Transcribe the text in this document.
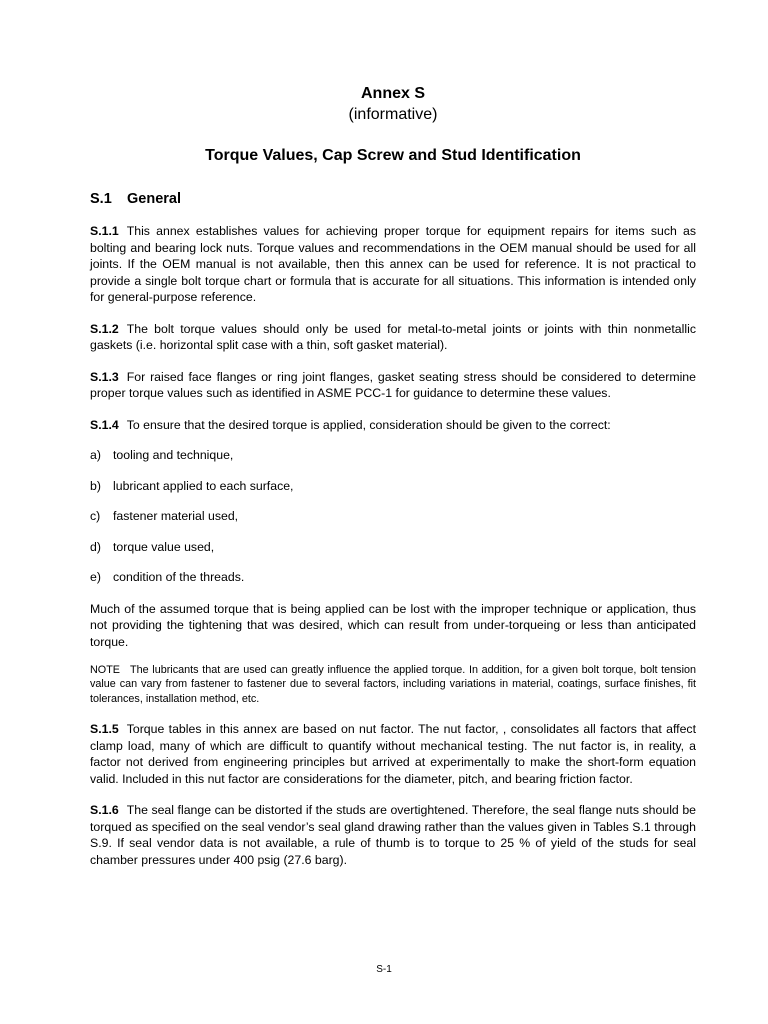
Annex S
(informative)
Torque Values, Cap Screw and Stud Identification
S.1 General

S.1.1 This annex establishes values for achieving proper torque for equipment repairs for items such as bolting and bearing lock nuts. Torque values and recommendations in the OEM manual should be used for all joints. If the OEM manual is not available, then this annex can be used for reference. It is not practical to provide a single bolt torque chart or formula that is accurate for all situations. This information is intended only for general-purpose reference.

S.1.2 The bolt torque values should only be used for metal-to-metal joints or joints with thin nonmetallic gaskets (i.e. horizontal split case with a thin, soft gasket material).

S.1.3 For raised face flanges or ring joint flanges, gasket seating stress should be considered to determine proper torque values such as identified in ASME PCC-1 for guidance to determine these values.

S.1.4 To ensure that the desired torque is applied, consideration should be given to the correct:

a) tooling and technique,
b) lubricant applied to each surface,
c) fastener material used,
d) torque value used,
e) condition of the threads.

Much of the assumed torque that is being applied can be lost with the improper technique or application, thus not providing the tightening that was desired, which can result from under-torqueing or less than anticipated torque.

NOTE The lubricants that are used can greatly influence the applied torque. In addition, for a given bolt torque, bolt tension value can vary from fastener to fastener due to several factors, including variations in material, coatings, surface finishes, fit tolerances, installation method, etc.

S.1.5 Torque tables in this annex are based on nut factor. The nut factor, , consolidates all factors that affect clamp load, many of which are difficult to quantify without mechanical testing. The nut factor is, in reality, a factor not derived from engineering principles but arrived at experimentally to make the short-form equation valid. Included in this nut factor are considerations for the diameter, pitch, and bearing friction factor.

S.1.6 The seal flange can be distorted if the studs are overtightened. Therefore, the seal flange nuts should be torqued as specified on the seal vendor’s seal gland drawing rather than the values given in Tables S.1 through S.9. If seal vendor data is not available, a rule of thumb is to torque to 25 % of yield of the studs for seal chamber pressures under 400 psig (27.6 barg).

S-1
